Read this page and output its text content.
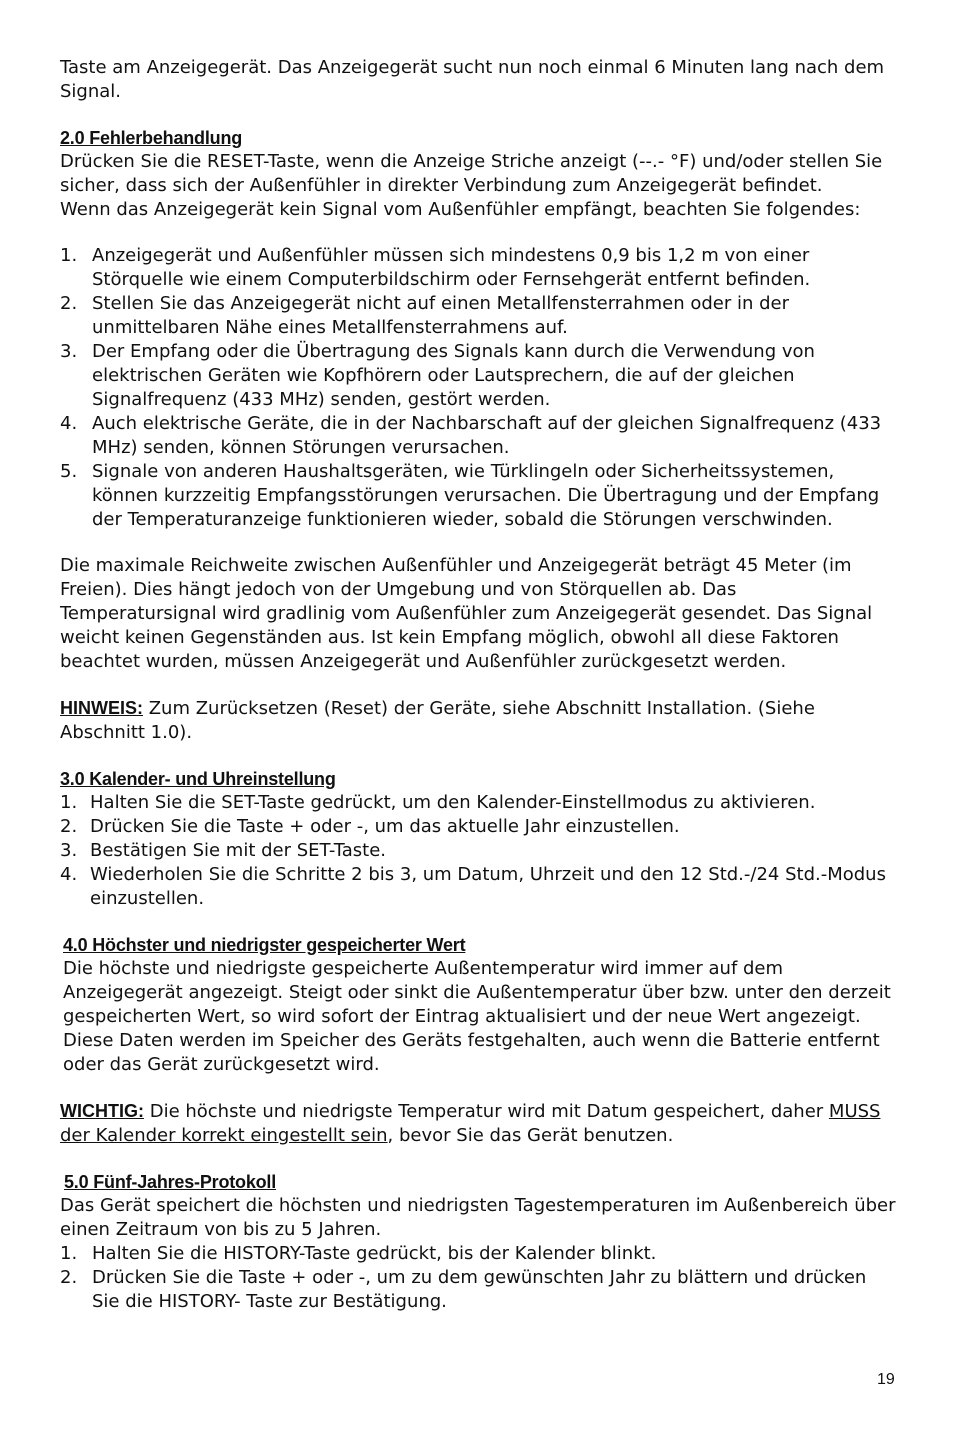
Taste am Anzeigegerät. Das Anzeigegerät sucht nun noch einmal 6 Minuten lang nach dem Signal.

2.0 Fehlerbehandlung

Drücken Sie die RESET-Taste, wenn die Anzeige Striche anzeigt (--.- °F) und/oder stellen Sie sicher, dass sich der Außenfühler in direkter Verbindung zum Anzeigegerät befindet.

Wenn das Anzeigegerät kein Signal vom Außenfühler empfängt, beachten Sie folgendes:

1. Anzeigegerät und Außenfühler müssen sich mindestens 0,9 bis 1,2 m von einer Störquelle wie einem Computerbildschirm oder Fernsehgerät entfernt befinden.
2. Stellen Sie das Anzeigegerät nicht auf einen Metallfensterrahmen oder in der unmittelbaren Nähe eines Metallfensterrahmens auf.
3. Der Empfang oder die Übertragung des Signals kann durch die Verwendung von elektrischen Geräten wie Kopfhörern oder Lautsprechern, die auf der gleichen Signalfrequenz (433 MHz) senden, gestört werden.
4. Auch elektrische Geräte, die in der Nachbarschaft auf der gleichen Signalfrequenz (433 MHz) senden, können Störungen verursachen.
5. Signale von anderen Haushaltsgeräten, wie Türklingeln oder Sicherheitssystemen, können kurzzeitig Empfangsstörungen verursachen. Die Übertragung und der Empfang der Temperaturanzeige funktionieren wieder, sobald die Störungen verschwinden.

Die maximale Reichweite zwischen Außenfühler und Anzeigegerät beträgt 45 Meter (im Freien). Dies hängt jedoch von der Umgebung und von Störquellen ab. Das Temperatursignal wird gradlinig vom Außenfühler zum Anzeigegerät gesendet. Das Signal weicht keinen Gegenständen aus. Ist kein Empfang möglich, obwohl all diese Faktoren beachtet wurden, müssen Anzeigegerät und Außenfühler zurückgesetzt werden.

HINWEIS: Zum Zurücksetzen (Reset) der Geräte, siehe Abschnitt Installation. (Siehe Abschnitt 1.0).

3.0 Kalender- und Uhreinstellung
1. Halten Sie die SET-Taste gedrückt, um den Kalender-Einstellmodus zu aktivieren.
2. Drücken Sie die Taste + oder -, um das aktuelle Jahr einzustellen.
3. Bestätigen Sie mit der SET-Taste.
4. Wiederholen Sie die Schritte 2 bis 3, um Datum, Uhrzeit und den 12 Std.-/24 Std.-Modus einzustellen.
4.0 Höchster und niedrigster gespeicherter Wert

Die höchste und niedrigste gespeicherte Außentemperatur wird immer auf dem Anzeigegerät angezeigt. Steigt oder sinkt die Außentemperatur über bzw. unter den derzeit gespeicherten Wert, so wird sofort der Eintrag aktualisiert und der neue Wert angezeigt. Diese Daten werden im Speicher des Geräts festgehalten, auch wenn die Batterie entfernt oder das Gerät zurückgesetzt wird.

WICHTIG: Die höchste und niedrigste Temperatur wird mit Datum gespeichert, daher MUSS der Kalender korrekt eingestellt sein, bevor Sie das Gerät benutzen.

5.0 Fünf-Jahres-Protokoll

Das Gerät speichert die höchsten und niedrigsten Tagestemperaturen im Außenbereich über einen Zeitraum von bis zu 5 Jahren.

1. Halten Sie die HISTORY-Taste gedrückt, bis der Kalender blinkt.
2. Drücken Sie die Taste + oder -, um zu dem gewünschten Jahr zu blättern und drücken Sie die HISTORY- Taste zur Bestätigung.
19
